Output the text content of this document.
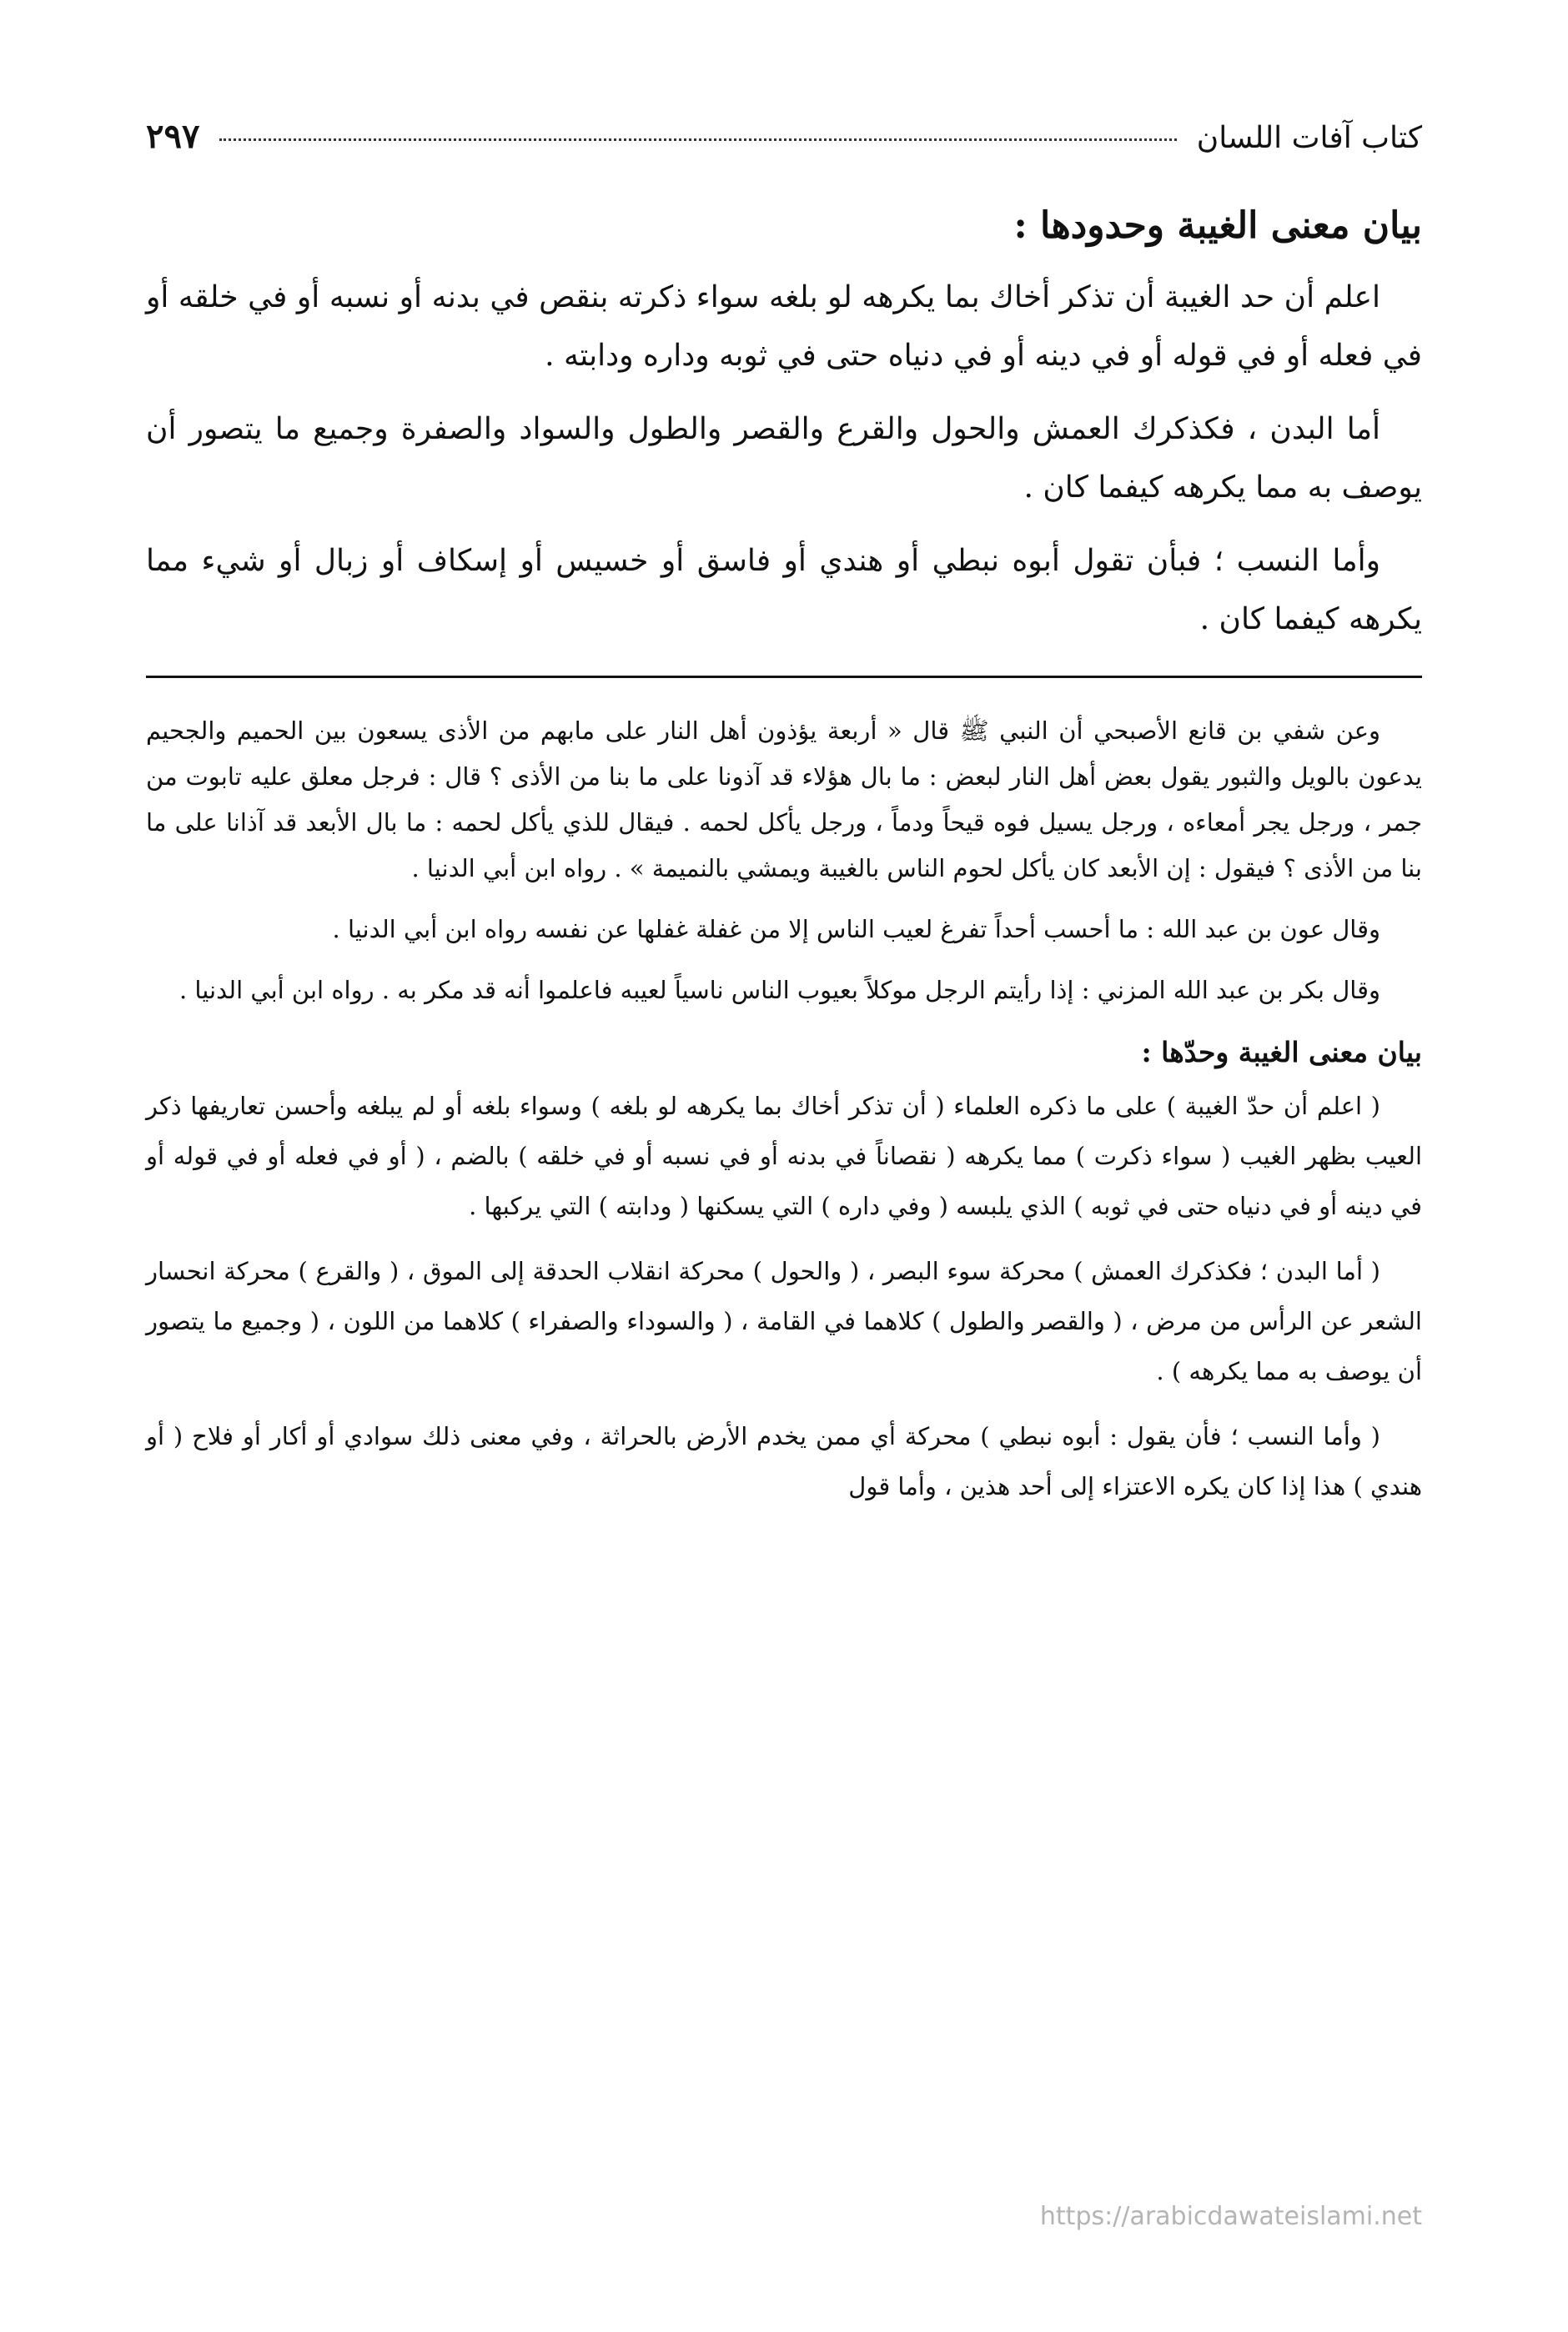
كتاب آفات اللسان
٢٩٧
بيان معنى الغيبة وحدودها :

اعلم أن حد الغيبة أن تذكر أخاك بما يكرهه لو بلغه سواء ذكرته بنقص في بدنه أو نسبه أو في خلقه أو في فعله أو في قوله أو في دينه أو في دنياه حتى في ثوبه وداره ودابته .

أما البدن ، فكذكرك العمش والحول والقرع والقصر والطول والسواد والصفرة وجميع ما يتصور أن يوصف به مما يكرهه كيفما كان .

وأما النسب ؛ فبأن تقول أبوه نبطي أو هندي أو فاسق أو خسيس أو إسكاف أو زبال أو شيء مما يكرهه كيفما كان .

وعن شفي بن قانع الأصبحي أن النبي ﷺ قال « أربعة يؤذون أهل النار على مابهم من الأذى يسعون بين الحميم والجحيم يدعون بالويل والثبور يقول بعض أهل النار لبعض : ما بال هؤلاء قد آذونا على ما بنا من الأذى ؟ قال : فرجل معلق عليه تابوت من جمر ، ورجل يجر أمعاءه ، ورجل يسيل فوه قيحاً ودماً ، ورجل يأكل لحمه . فيقال للذي يأكل لحمه : ما بال الأبعد قد آذانا على ما بنا من الأذى ؟ فيقول : إن الأبعد كان يأكل لحوم الناس بالغيبة ويمشي بالنميمة » . رواه ابن أبي الدنيا .

وقال عون بن عبد الله : ما أحسب أحداً تفرغ لعيب الناس إلا من غفلة غفلها عن نفسه رواه ابن أبي الدنيا .

وقال بكر بن عبد الله المزني : إذا رأيتم الرجل موكلاً بعيوب الناس ناسياً لعيبه فاعلموا أنه قد مكر به . رواه ابن أبي الدنيا .

بيان معنى الغيبة وحدّها :

( اعلم أن حدّ الغيبة ) على ما ذكره العلماء ( أن تذكر أخاك بما يكرهه لو بلغه ) وسواء بلغه أو لم يبلغه وأحسن تعاريفها ذكر العيب بظهر الغيب ( سواء ذكرت ) مما يكرهه ( نقصاناً في بدنه أو في نسبه أو في خلقه ) بالضم ، ( أو في فعله أو في قوله أو في دينه أو في دنياه حتى في ثوبه ) الذي يلبسه ( وفي داره ) التي يسكنها ( ودابته ) التي يركبها .

( أما البدن ؛ فكذكرك العمش ) محركة سوء البصر ، ( والحول ) محركة انقلاب الحدقة إلى الموق ، ( والقرع ) محركة انحسار الشعر عن الرأس من مرض ، ( والقصر والطول ) كلاهما في القامة ، ( والسوداء والصفراء ) كلاهما من اللون ، ( وجميع ما يتصور أن يوصف به مما يكرهه ) .

( وأما النسب ؛ فأن يقول : أبوه نبطي ) محركة أي ممن يخدم الأرض بالحراثة ، وفي معنى ذلك سوادي أو أكار أو فلاح ( أو هندي ) هذا إذا كان يكره الاعتزاء إلى أحد هذين ، وأما قول

https://arabicdawateislami.net
